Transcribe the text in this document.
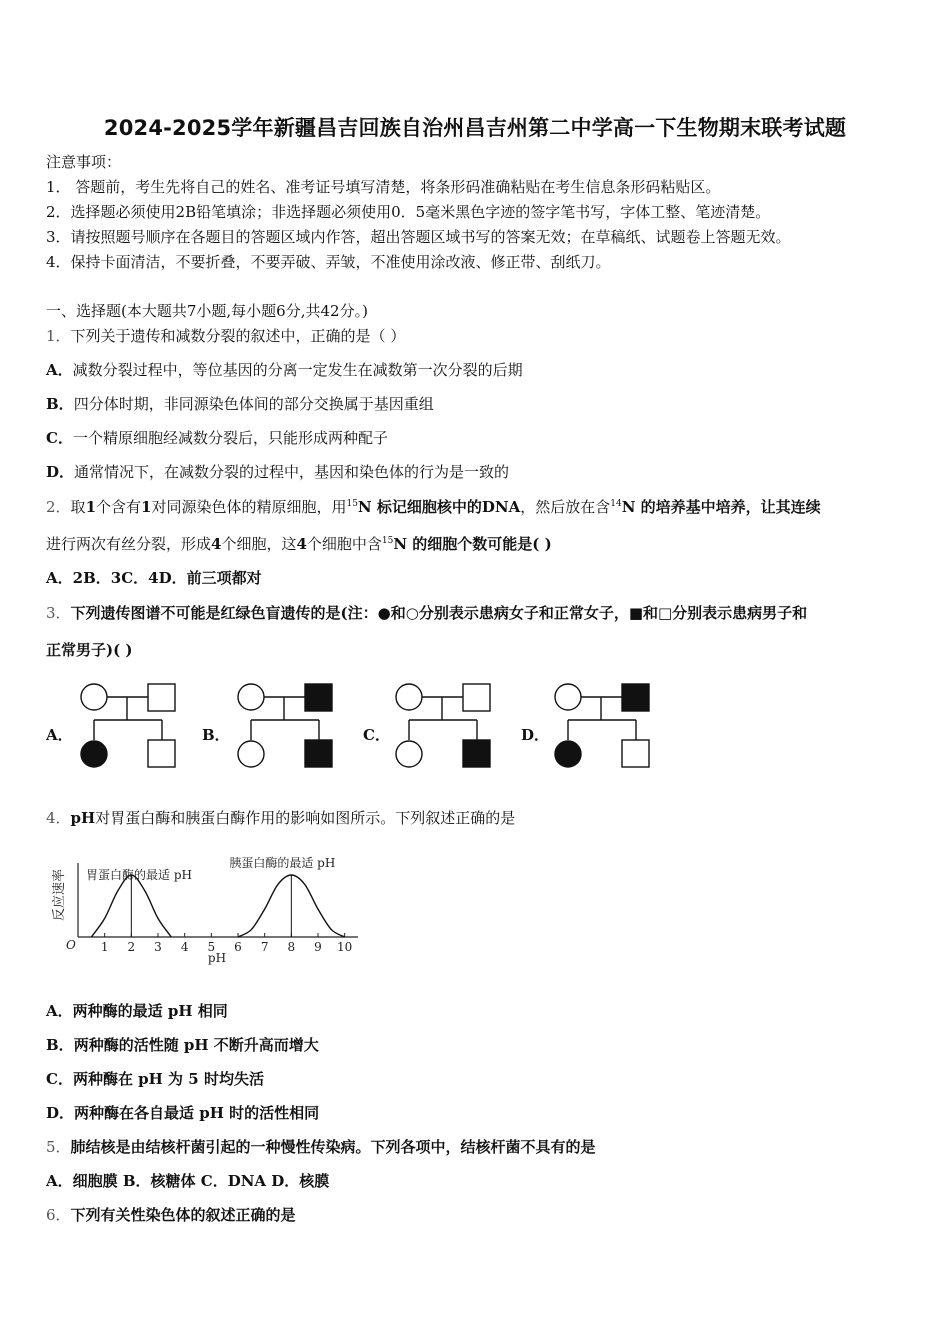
2024-2025学年新疆昌吉回族自治州昌吉州第二中学高一下生物期末联考试题
注意事项：
1． 答题前，考生先将自己的姓名、准考证号填写清楚，将条形码准确粘贴在考生信息条形码粘贴区。
2．选择题必须使用2B铅笔填涂；非选择题必须使用0．5毫米黑色字迹的签字笔书写，字体工整、笔迹清楚。
3．请按照题号顺序在各题目的答题区域内作答，超出答题区域书写的答案无效；在草稿纸、试题卷上答题无效。
4．保持卡面清洁，不要折叠，不要弄破、弄皱，不准使用涂改液、修正带、刮纸刀。
一、选择题(本大题共7小题,每小题6分,共42分。)
1．下列关于遗传和减数分裂的叙述中，正确的是（ ）
A．减数分裂过程中，等位基因的分离一定发生在减数第一次分裂的后期
B．四分体时期，非同源染色体间的部分交换属于基因重组
C．一个精原细胞经减数分裂后，只能形成两种配子
D．通常情况下，在减数分裂的过程中，基因和染色体的行为是一致的
2．取1个含有1对同源染色体的精原细胞，用$^{15}$N 标记细胞核中的DNA，然后放在含$^{14}$N 的培养基中培养，让其连续
进行两次有丝分裂，形成4个细胞，这4个细胞中含$^{15}$N 的细胞个数可能是( )
A．2B．3C．4D．前三项都对
3．下列遗传图谱不可能是红绿色盲遗传的是(注：●和○分别表示患病女子和正常女子，■和□分别表示患病男子和
正常男子)( )
A．	B．	C．	D．
4．pH对胃蛋白酶和胰蛋白酶作用的影响如图所示。下列叙述正确的是
反应速率
O 1 2 3 4 5 6 7 8 9 10
胃蛋白酶的最适 pH
胰蛋白酶的最适 pH
pH
A．两种酶的最适 pH 相同
B．两种酶的活性随 pH 不断升高而增大
C．两种酶在 pH 为 5 时均失活
D．两种酶在各自最适 pH 时的活性相同
5．肺结核是由结核杆菌引起的一种慢性传染病。下列各项中，结核杆菌不具有的是
A．细胞膜 B．核糖体 C．DNA D．核膜
6．下列有关性染色体的叙述正确的是
